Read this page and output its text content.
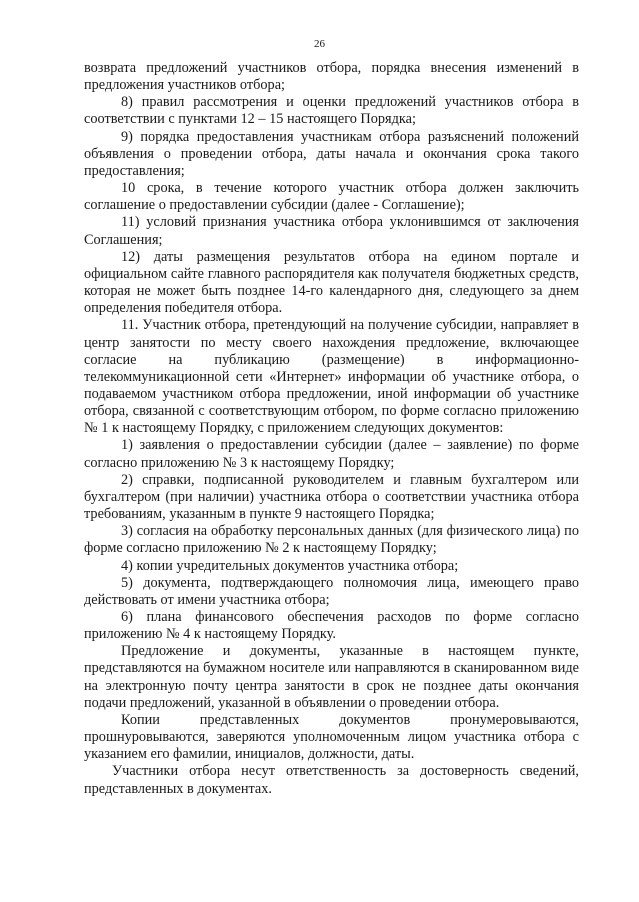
26

возврата предложений участников отбора, порядка внесения изменений в предложения участников отбора;

8) правил рассмотрения и оценки предложений участников отбора в соответствии с пунктами 12 – 15 настоящего Порядка;

9) порядка предоставления участникам отбора разъяснений положений объявления о проведении отбора, даты начала и окончания срока такого предоставления;

10 срока, в течение которого участник отбора должен заключить соглашение о предоставлении субсидии (далее - Соглашение);

11) условий признания участника отбора уклонившимся от заключения Соглашения;

12) даты размещения результатов отбора на едином портале и официальном сайте главного распорядителя как получателя бюджетных средств, которая не может быть позднее 14-го календарного дня, следующего за днем определения победителя отбора.

11. Участник отбора, претендующий на получение субсидии, направляет в центр занятости по месту своего нахождения предложение, включающее согласие на публикацию (размещение) в информационно-телекоммуникационной сети «Интернет» информации об участнике отбора, о подаваемом участником отбора предложении, иной информации об участнике отбора, связанной с соответствующим отбором, по форме согласно приложению № 1 к настоящему Порядку, с приложением следующих документов:

1) заявления о предоставлении субсидии (далее – заявление) по форме согласно приложению № 3 к настоящему Порядку;

2) справки, подписанной руководителем и главным бухгалтером или бухгалтером (при наличии) участника отбора о соответствии участника отбора требованиям, указанным в пункте 9 настоящего Порядка;

3) согласия на обработку персональных данных (для физического лица) по форме согласно приложению № 2 к настоящему Порядку;

4) копии учредительных документов участника отбора;

5) документа, подтверждающего полномочия лица, имеющего право действовать от имени участника отбора;

6) плана финансового обеспечения расходов по форме согласно приложению № 4 к настоящему Порядку.

Предложение и документы, указанные в настоящем пункте, представляются на бумажном носителе или направляются в сканированном виде на электронную почту центра занятости в срок не позднее даты окончания подачи предложений, указанной в объявлении о проведении отбора.

Копии представленных документов пронумеровываются, прошнуровываются, заверяются уполномоченным лицом участника отбора с указанием его фамилии, инициалов, должности, даты.

Участники отбора несут ответственность за достоверность сведений, представленных в документах.
